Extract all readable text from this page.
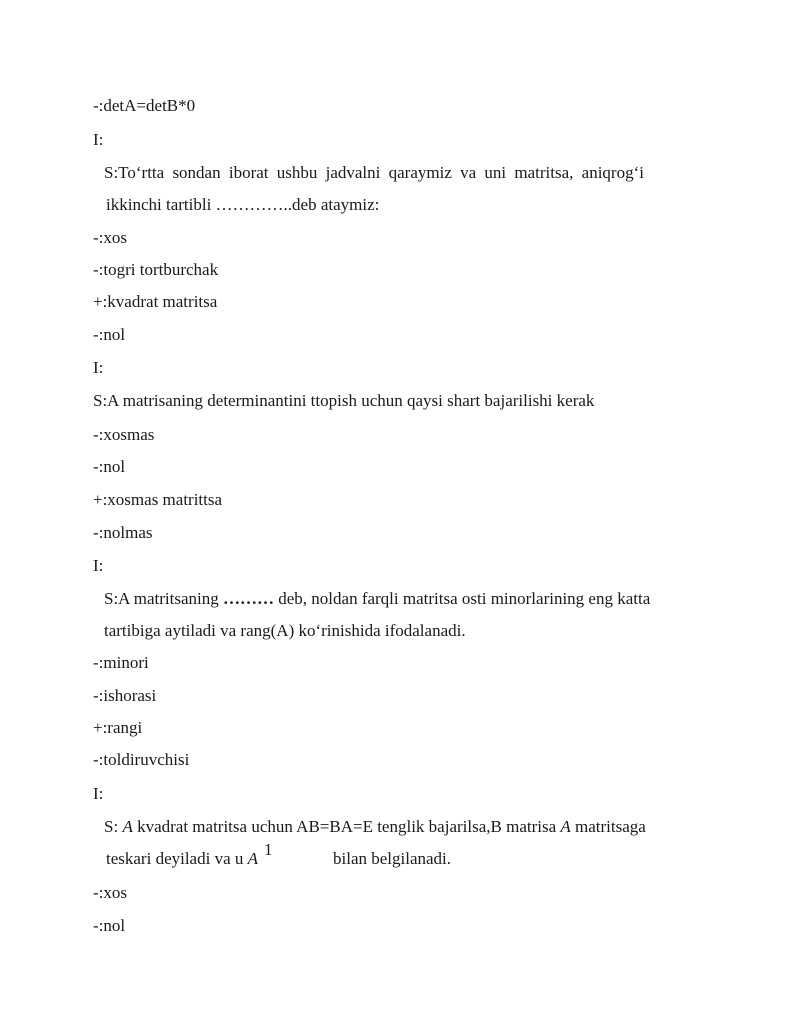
-:detA=detB*0
I:
S:To‘rtta sondan iborat ushbu jadvalni qaraymiz va uni matritsa, aniqrog‘i
ikkinchi tartibli …………..deb ataymiz:
-:xos
-:togri tortburchak
+:kvadrat matritsa
-:nol
I:
S:A matrisaning determinantini ttopish uchun qaysi shart bajarilishi kerak
-:xosmas
-:nol
+:xosmas matrittsa
-:nolmas
I:
S:A matritsaning ……… deb, noldan farqli matritsa osti minorlarining eng katta
tartibiga aytiladi va rang(A) ko‘rinishida ifodalanadi.
-:minori
-:ishorasi
+:rangi
-:toldiruvchisi
I:
S: A kvadrat matritsa uchun AB=BA=E tenglik bajarilsa,B matrisa A matritsaga
teskari deyiladi va u A 1	bilan belgilanadi.
-:xos
-:nol
